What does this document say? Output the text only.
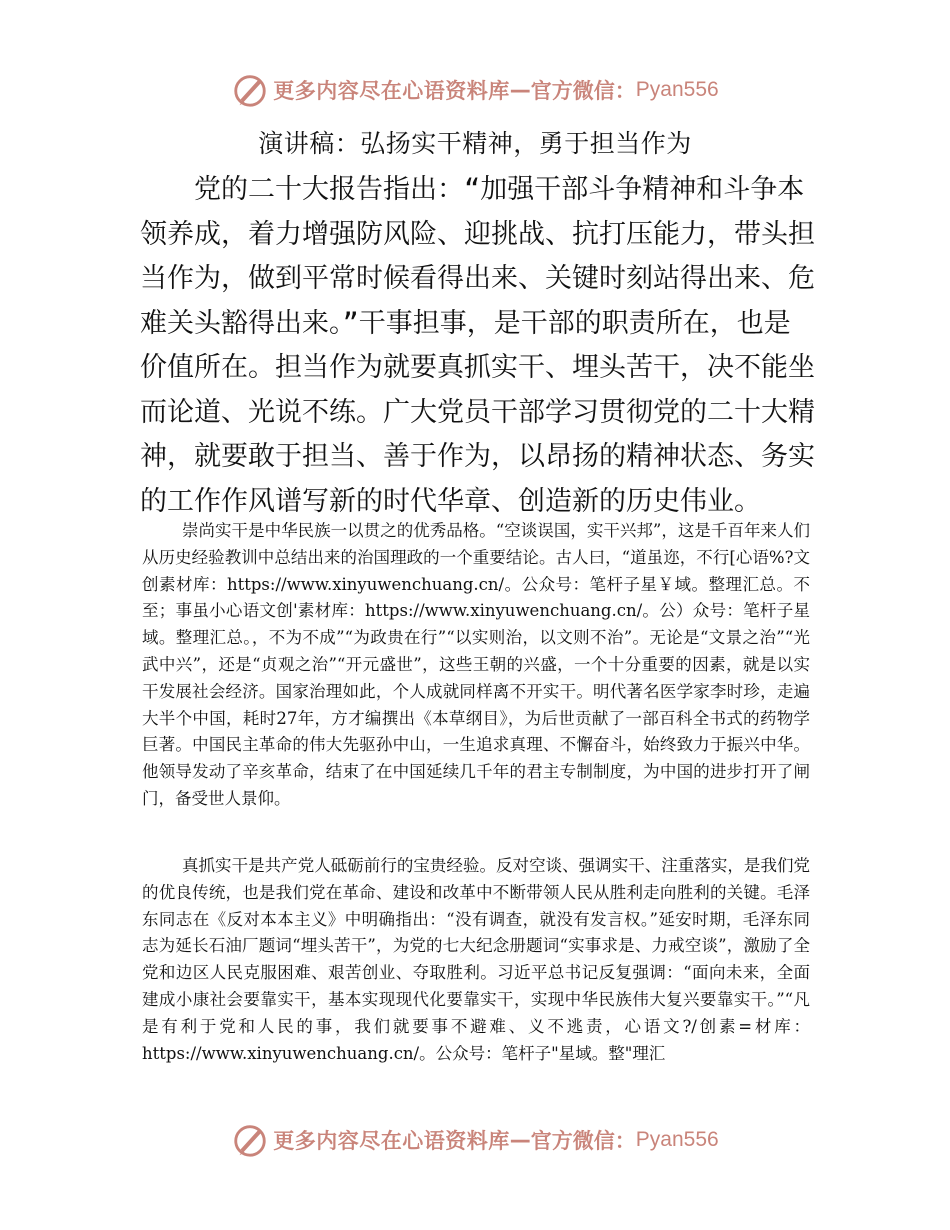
更多内容尽在心语资料库 — 官方微信： Pyan556
演讲稿：弘扬实干精神，勇于担当作为

党的二十大报告指出：“加强干部斗争精神和斗争本领养成，着力增强防风险、迎挑战、抗打压能力，带头担当作为，做到平常时候看得出来、关键时刻站得出来、危难关头豁得出来。”干事担事，是干部的职责所在，也是价值所在。担当作为就要真抓实干、埋头苦干，决不能坐而论道、光说不练。广大党员干部学习贯彻党的二十大精神，就要敢于担当、善于作为，以昂扬的精神状态、务实的工作作风谱写新的时代华章、创造新的历史伟业。

崇尚实干是中华民族一以贯之的优秀品格。“空谈误国，实干兴邦”，这是千百年来人们从历史经验教训中总结出来的治国理政的一个重要结论。古人曰，“道虽迩，不行[心语%?文创素材库：https://www.xinyuwenchuang.cn/。公众号：笔杆子星￥域。整理汇总。不至；事虽小心语文创'素材库：https://www.xinyuwenchuang.cn/。公）众号：笔杆子星域。整理汇总。，不为不成”“为政贵在行”“以实则治，以文则不治”。无论是“文景之治”“光武中兴”，还是“贞观之治”“开元盛世”，这些王朝的兴盛，一个十分重要的因素，就是以实干发展社会经济。国家治理如此，个人成就同样离不开实干。明代著名医学家李时珍，走遍大半个中国，耗时27年，方才编撰出《本草纲目》，为后世贡献了一部百科全书式的药物学巨著。中国民主革命的伟大先驱孙中山，一生追求真理、不懈奋斗，始终致力于振兴中华。他领导发动了辛亥革命，结束了在中国延续几千年的君主专制制度，为中国的进步打开了闸门，备受世人景仰。

真抓实干是共产党人砥砺前行的宝贵经验。反对空谈、强调实干、注重落实，是我们党的优良传统，也是我们党在革命、建设和改革中不断带领人民从胜利走向胜利的关键。毛泽东同志在《反对本本主义》中明确指出：“没有调查，就没有发言权。”延安时期，毛泽东同志为延长石油厂题词“埋头苦干”，为党的七大纪念册题词“实事求是、力戒空谈”，激励了全党和边区人民克服困难、艰苦创业、夺取胜利。习近平总书记反复强调：“面向未来，全面建成小康社会要靠实干，基本实现现代化要靠实干，实现中华民族伟大复兴要靠实干。”“凡是有利于党和人民的事，我们就要事不避难、义不逃责，心语文?/创素=材库：https://www.xinyuwenchuang.cn/。公众号：笔杆子"星域。整"理汇

更多内容尽在心语资料库 — 官方微信： Pyan556
